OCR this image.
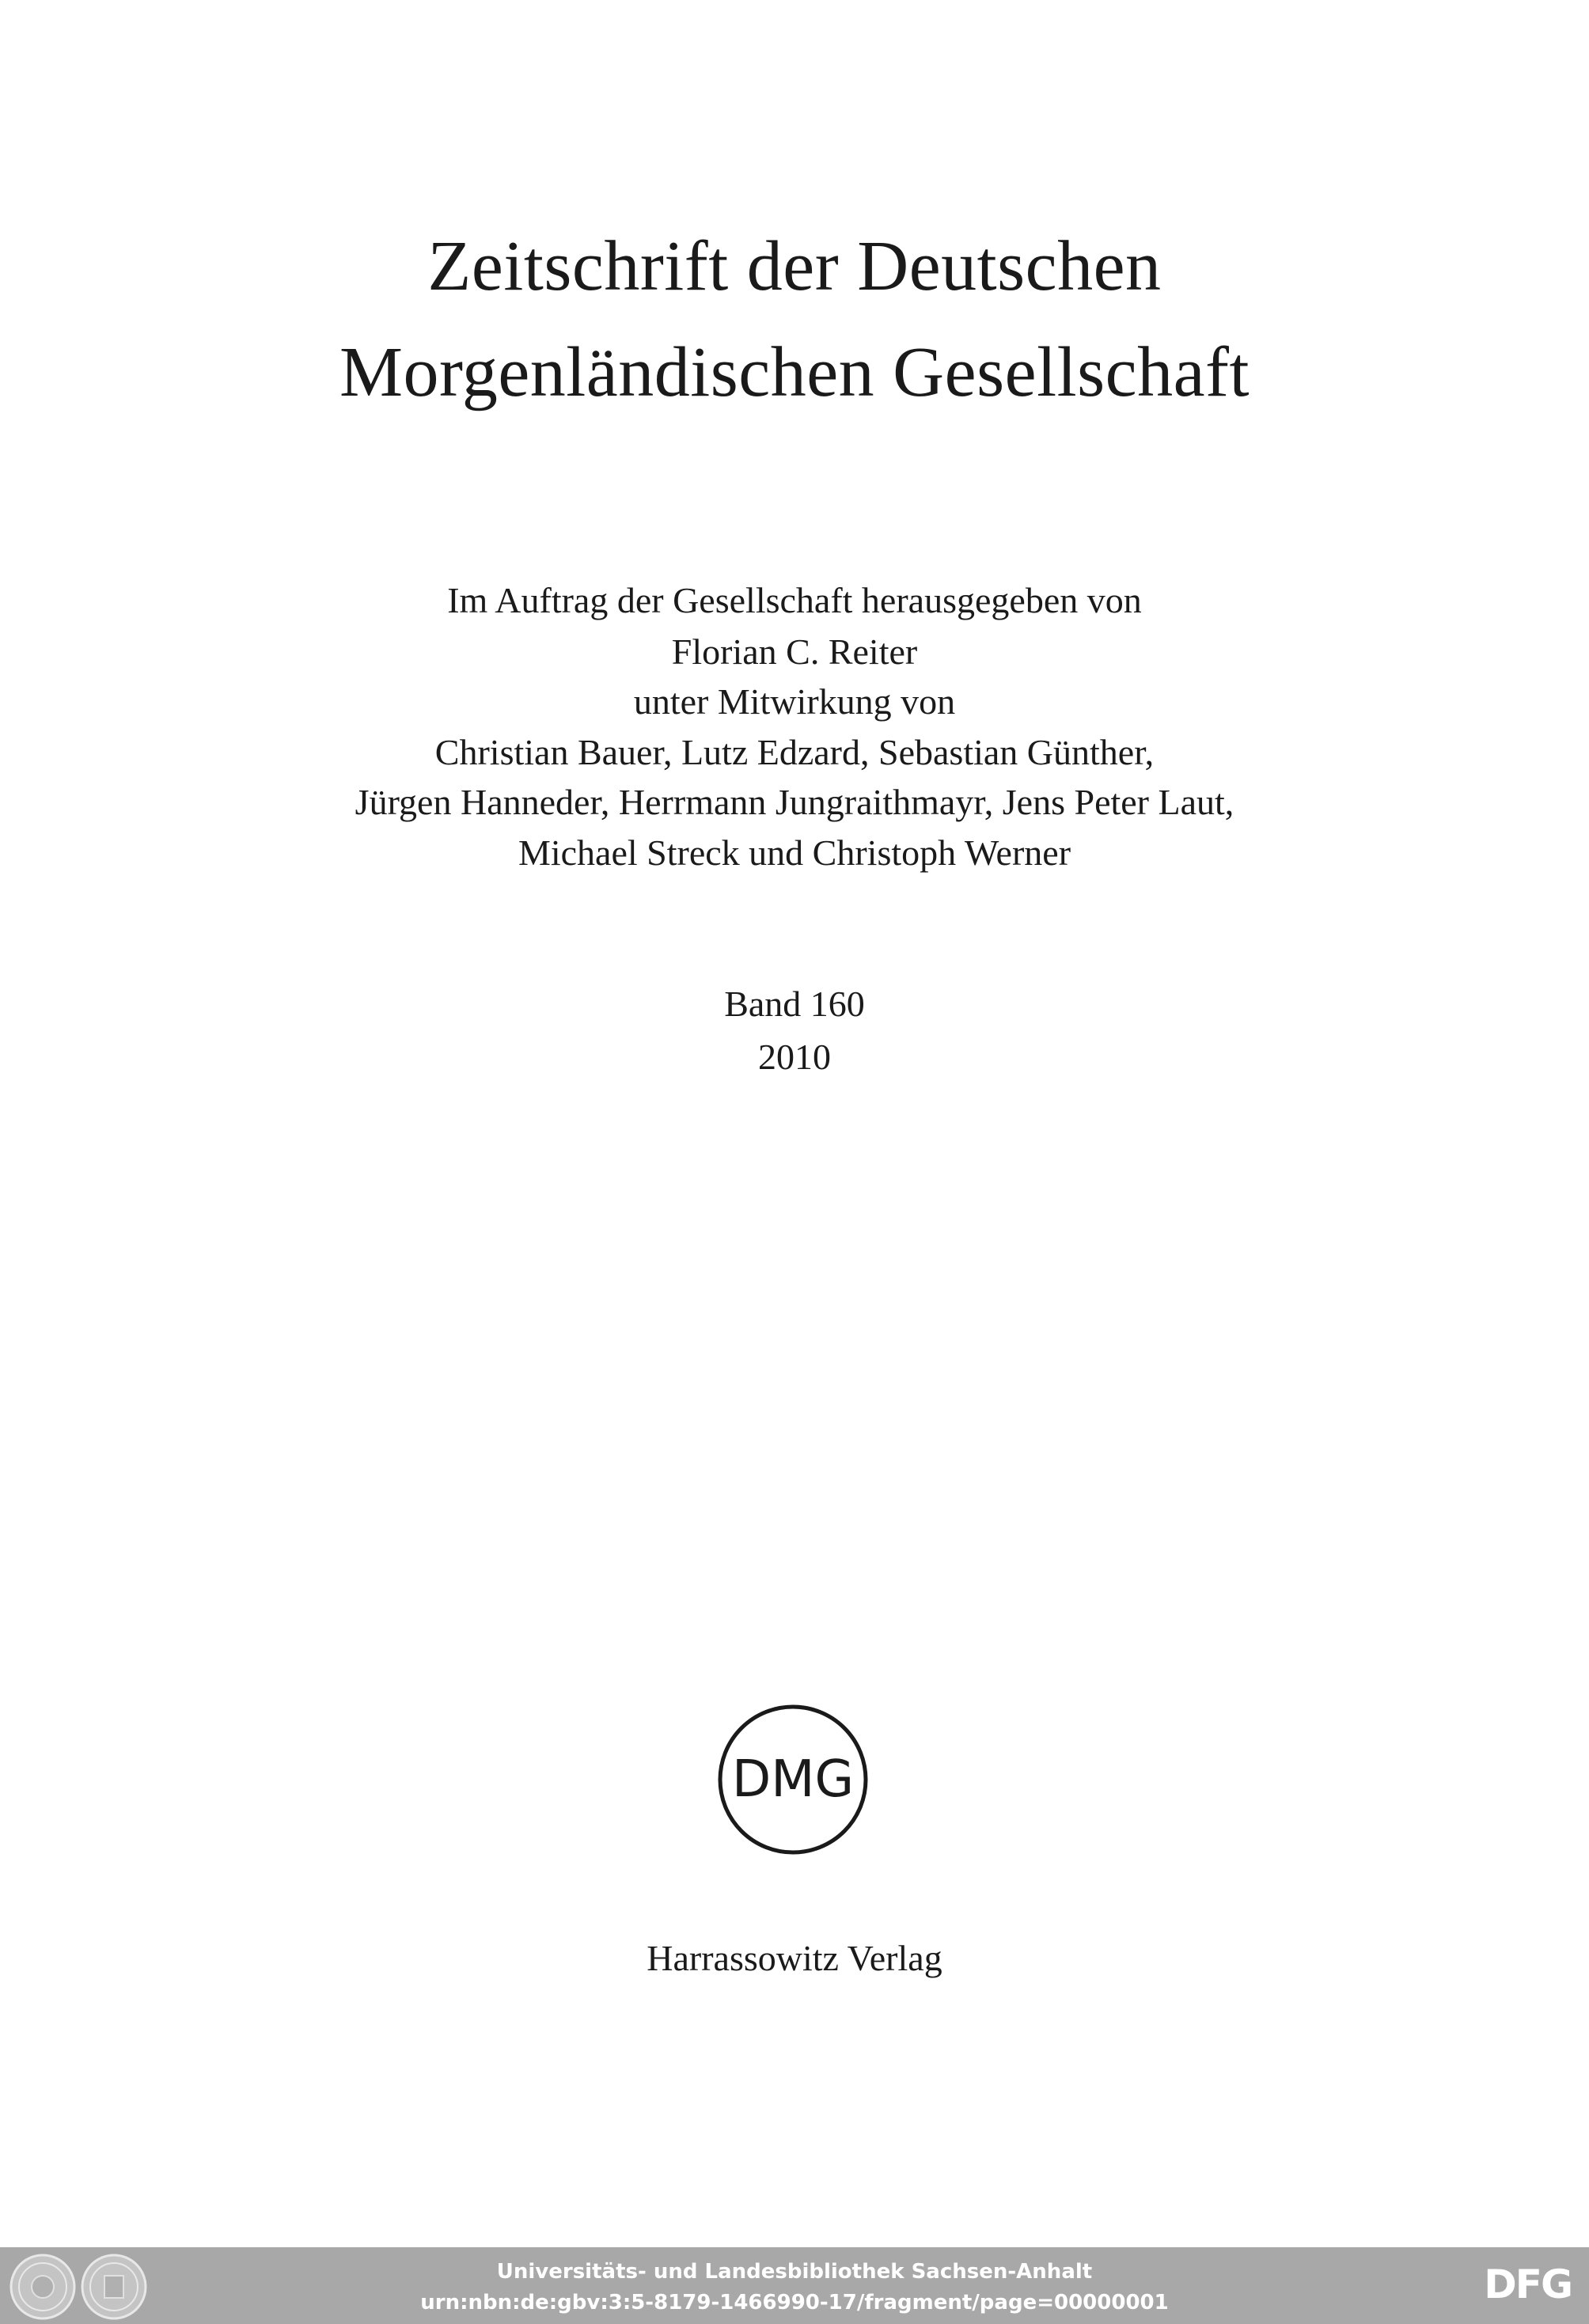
Zeitschrift der Deutschen
Morgenländischen Gesellschaft
Im Auftrag der Gesellschaft herausgegeben von
Florian C. Reiter
unter Mitwirkung von
Christian Bauer, Lutz Edzard, Sebastian Günther,
Jürgen Hanneder, Herrmann Jungraithmayr, Jens Peter Laut,
Michael Streck und Christoph Werner
Band 160
2010
DMG
Harrassowitz Verlag
Universitäts- und Landesbibliothek Sachsen-Anhalt
urn:nbn:de:gbv:3:5-8179-1466990-17/fragment/page=00000001	DFG
